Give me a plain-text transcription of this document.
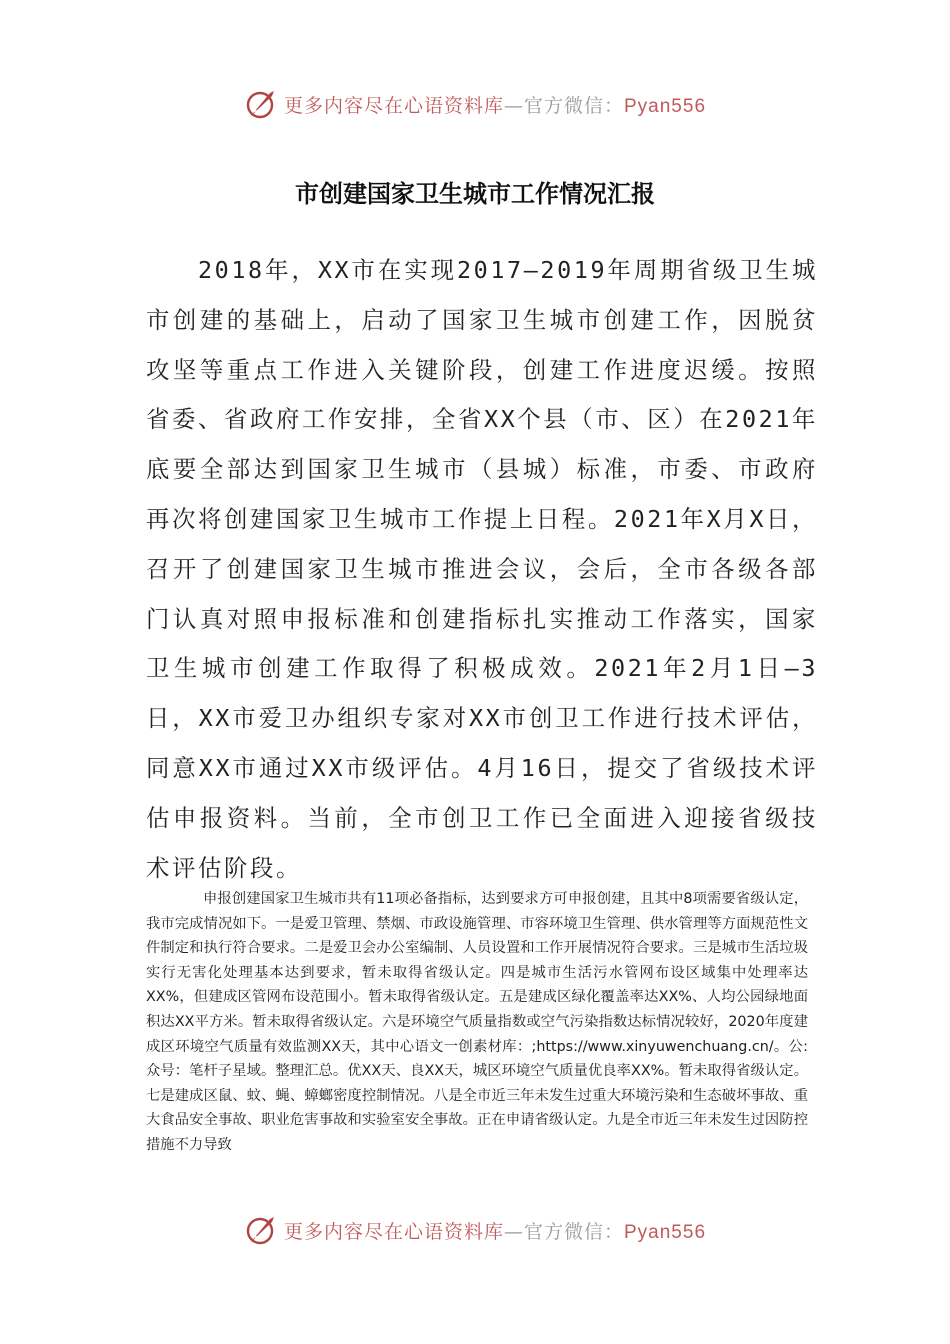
更多内容尽在心语资料库—官方微信：Pyan556
市创建国家卫生城市工作情况汇报

2018年，XX市在实现2017—2019年周期省级卫生城市创建的基础上，启动了国家卫生城市创建工作，因脱贫攻坚等重点工作进入关键阶段，创建工作进度迟缓。按照省委、省政府工作安排，全省XX个县（市、区）在2021年底要全部达到国家卫生城市（县城）标准，市委、市政府再次将创建国家卫生城市工作提上日程。2021年X月X日，召开了创建国家卫生城市推进会议，会后，全市各级各部门认真对照申报标准和创建指标扎实推动工作落实，国家卫生城市创建工作取得了积极成效。2021年2月1日—3日，XX市爱卫办组织专家对XX市创卫工作进行技术评估，同意XX市通过XX市级评估。4月16日，提交了省级技术评估申报资料。当前，全市创卫工作已全面进入迎接省级技术评估阶段。

申报创建国家卫生城市共有11项必备指标，达到要求方可申报创建，且其中8项需要省级认定，我市完成情况如下。一是爱卫管理、禁烟、市政设施管理、市容环境卫生管理、供水管理等方面规范性文件制定和执行符合要求。二是爱卫会办公室编制、人员设置和工作开展情况符合要求。三是城市生活垃圾实行无害化处理基本达到要求，暂未取得省级认定。四是城市生活污水管网布设区域集中处理率达XX%，但建成区管网布设范围小。暂未取得省级认定。五是建成区绿化覆盖率达XX%、人均公园绿地面积达XX平方米。暂未取得省级认定。六是环境空气质量指数或空气污染指数达标情况较好，2020年度建成区环境空气质量有效监测XX天，其中心语文一创素材库：;https://www.xinyuwenchuang.cn/。公:众号：笔杆子星域。整理汇总。优XX天、良XX天，城区环境空气质量优良率XX%。暂未取得省级认定。七是建成区鼠、蚊、蝇、蟑螂密度控制情况。八是全市近三年未发生过重大环境污染和生态破坏事故、重大食品安全事故、职业危害事故和实验室安全事故。正在申请省级认定。九是全市近三年未发生过因防控措施不力导致

更多内容尽在心语资料库—官方微信：Pyan556
